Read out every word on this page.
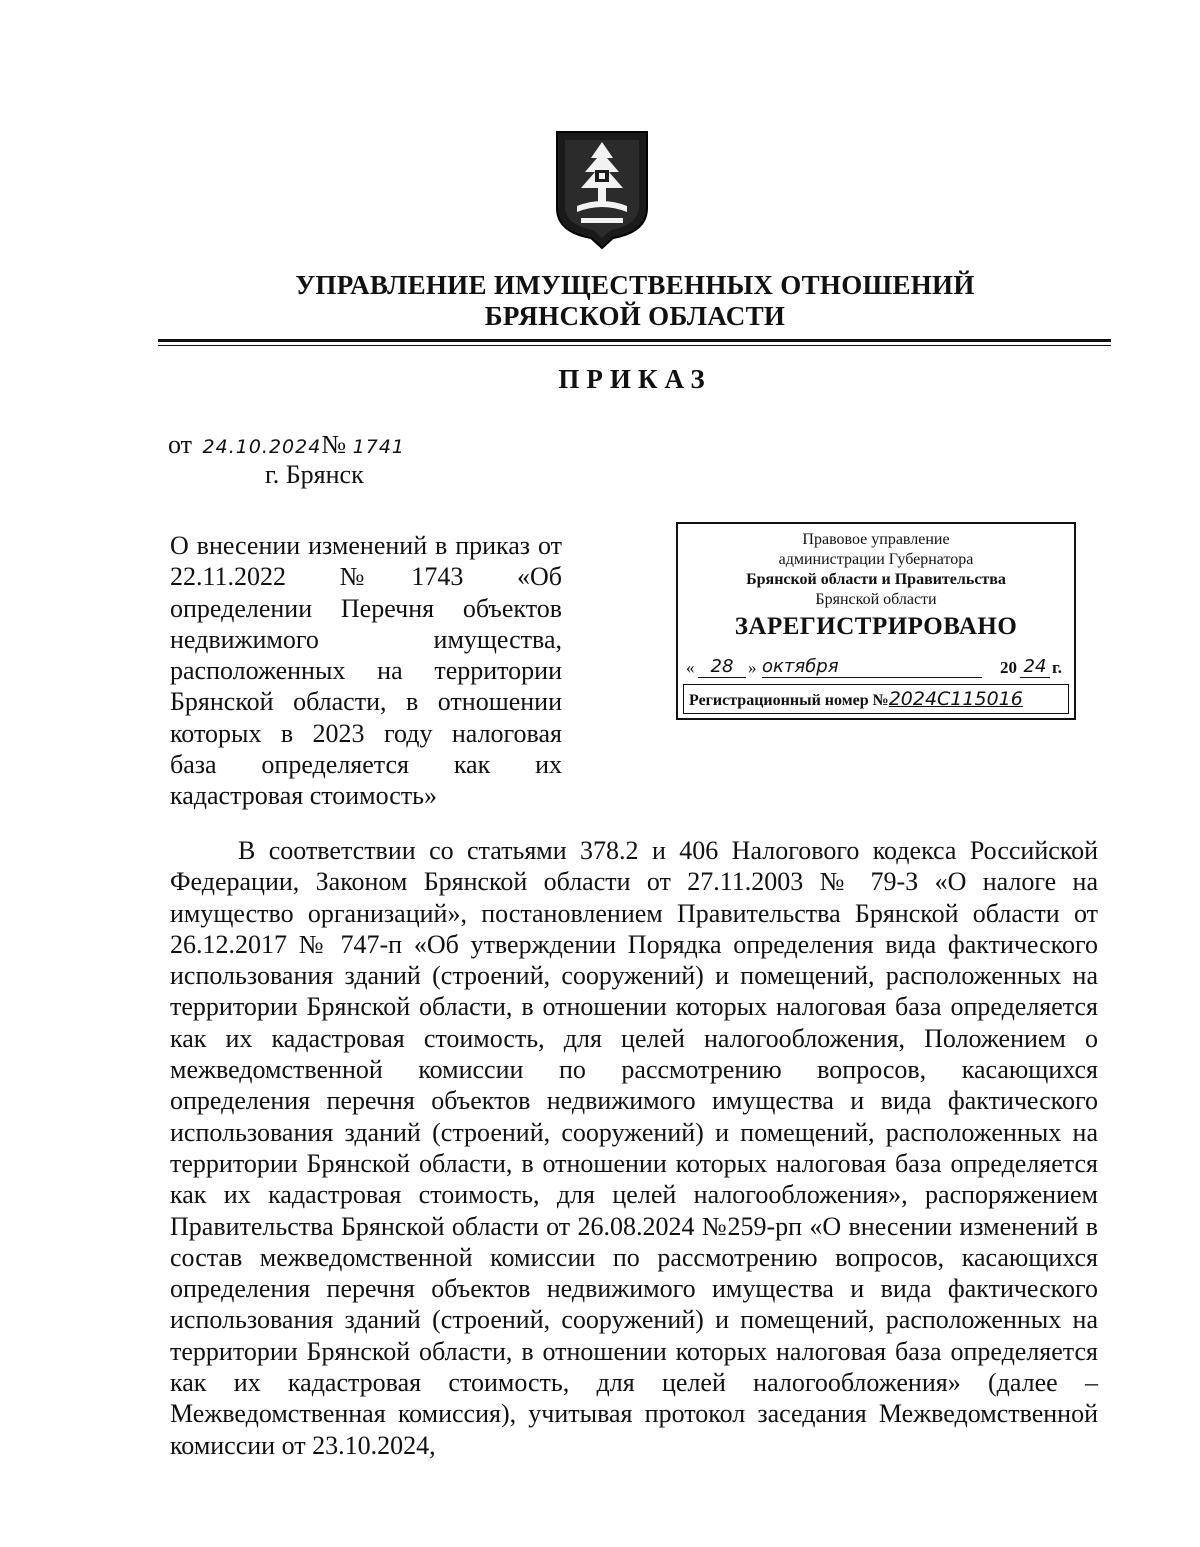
УПРАВЛЕНИЕ ИМУЩЕСТВЕННЫХ ОТНОШЕНИЙ
БРЯНСКОЙ ОБЛАСТИ
ПРИКАЗ
от 24.10.2024№ 1741
г. Брянск
О внесении изменений в приказ от 22.11.2022 №1743 «Об определении Перечня объектов недвижимого имущества, расположенных на территории Брянской области, в отношении которых в 2023 году налоговая база определяется как их кадастровая стоимость»
Правовое управление
администрации Губернатора
Брянской области и Правительства
Брянской области
ЗАРЕГИСТРИРОВАНО
« 28 » октября	20 24 г.
Регистрационный номер №2024С115016
В соответствии со статьями 378.2 и 406 Налогового кодекса Российской Федерации, Законом Брянской области от 27.11.2003 № 79-З «О налоге на имущество организаций», постановлением Правительства Брянской области от 26.12.2017 № 747-п «Об утверждении Порядка определения вида фактического использования зданий (строений, сооружений) и помещений, расположенных на территории Брянской области, в отношении которых налоговая база определяется как их кадастровая стоимость, для целей налогообложения, Положением о межведомственной комиссии по рассмотрению вопросов, касающихся определения перечня объектов недвижимого имущества и вида фактического использования зданий (строений, сооружений) и помещений, расположенных на территории Брянской области, в отношении которых налоговая база определяется как их кадастровая стоимость, для целей налогообложения», распоряжением Правительства Брянской области от 26.08.2024 №259-рп «О внесении изменений в состав межведомственной комиссии по рассмотрению вопросов, касающихся определения перечня объектов недвижимого имущества и вида фактического использования зданий (строений, сооружений) и помещений, расположенных на территории Брянской области, в отношении которых налоговая база определяется как их кадастровая стоимость, для целей налогообложения» (далее – Межведомственная комиссия), учитывая протокол заседания Межведомственной комиссии от 23.10.2024,
